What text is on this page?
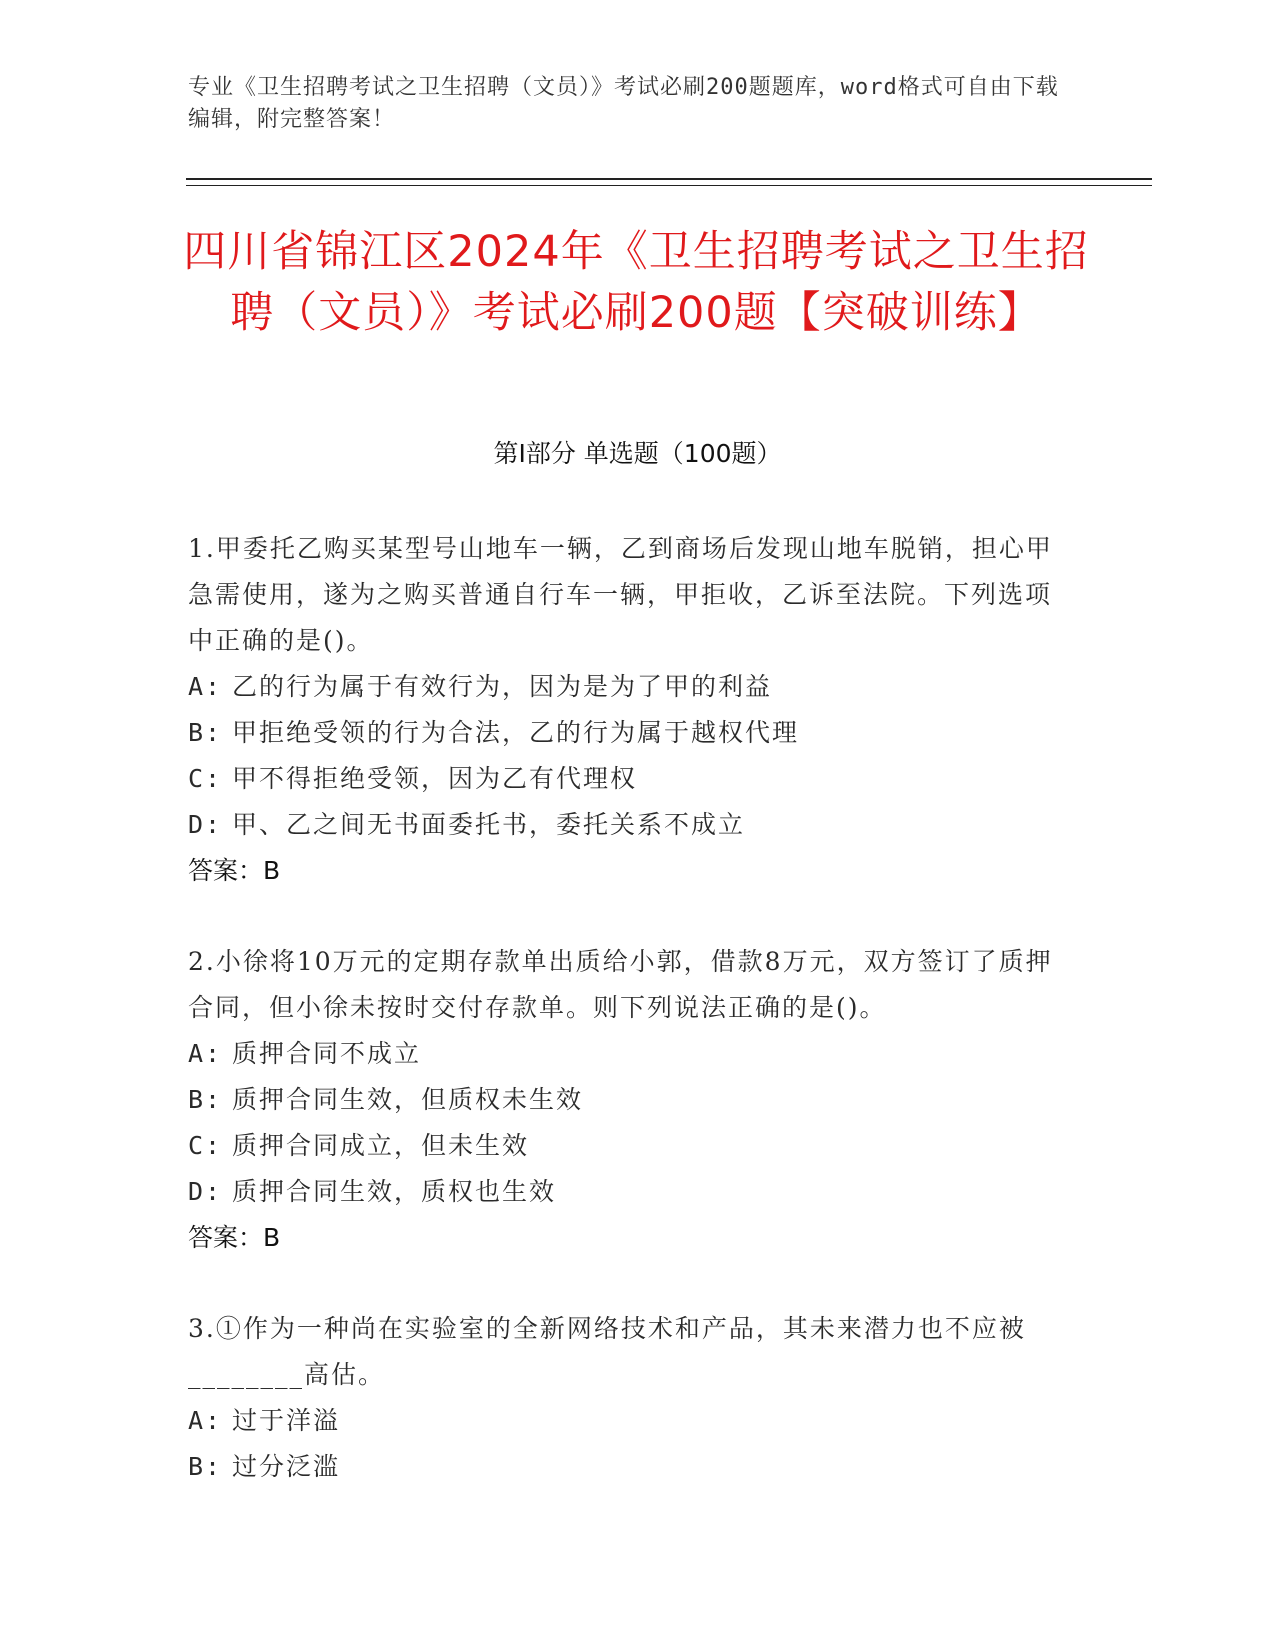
专业《卫生招聘考试之卫生招聘（文员）》考试必刷200题题库，word格式可自由下载编辑，附完整答案！
四川省锦江区2024年《卫生招聘考试之卫生招聘（文员）》考试必刷200题【突破训练】
第Ⅰ部分 单选题（100题）
1.甲委托乙购买某型号山地车一辆，乙到商场后发现山地车脱销，担心甲急需使用，遂为之购买普通自行车一辆，甲拒收，乙诉至法院。下列选项中正确的是()。
A: 乙的行为属于有效行为，因为是为了甲的利益
B: 甲拒绝受领的行为合法，乙的行为属于越权代理
C: 甲不得拒绝受领，因为乙有代理权
D: 甲、乙之间无书面委托书，委托关系不成立
答案：B
2.小徐将10万元的定期存款单出质给小郭，借款8万元，双方签订了质押合同，但小徐未按时交付存款单。则下列说法正确的是()。
A: 质押合同不成立
B: 质押合同生效，但质权未生效
C: 质押合同成立，但未生效
D: 质押合同生效，质权也生效
答案：B
3.①作为一种尚在实验室的全新网络技术和产品，其未来潜力也不应被________高估。
A: 过于洋溢
B: 过分泛滥
